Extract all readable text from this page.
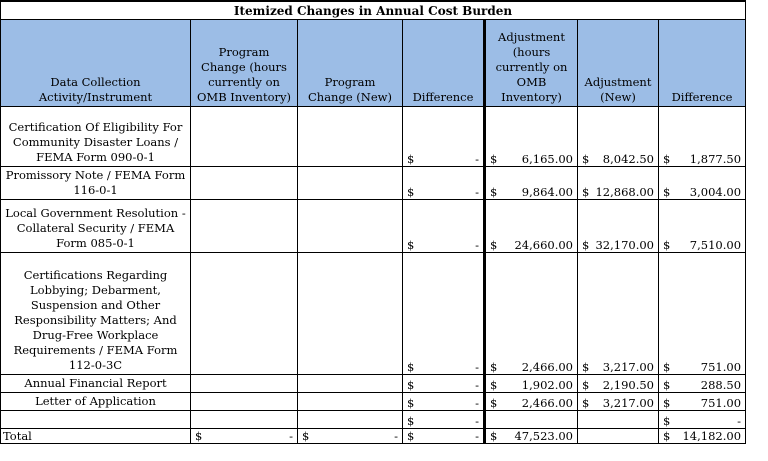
Itemized Changes in Annual Cost Burden						
Data Collection Activity/Instrument	Program Change (hours currently on OMB Inventory)	Program Change (New)	Difference	Adjustment (hours currently on OMB Inventory)	Adjustment (New)	Difference
Certification Of Eligibility For Community Disaster Loans / FEMA Form 090-0-1			$ -	$ 6,165.00	$ 8,042.50	$ 1,877.50

Promissory Note / FEMA Form 116-0-1			$ -	$ 9,864.00	$ 12,868.00	$ 3,004.00

Local Government Resolution - Collateral Security / FEMA Form 085-0-1			$ -	$ 24,660.00	$ 32,170.00	$ 7,510.00

Certifications Regarding Lobbying; Debarment, Suspension and Other Responsibility Matters; And Drug-Free Workplace Requirements / FEMA Form 112-0-3C			$ -	$ 2,466.00	$ 3,217.00	$ 751.00

Annual Financial Report			$ -	$ 1,902.00	$ 2,190.50	$ 288.50

Letter of Application			$ -	$ 2,466.00	$ 3,217.00	$ 751.00

			$ -			$ -

Total	$ -	$ -	$ -	$ 47,523.00		$ 14,182.00
